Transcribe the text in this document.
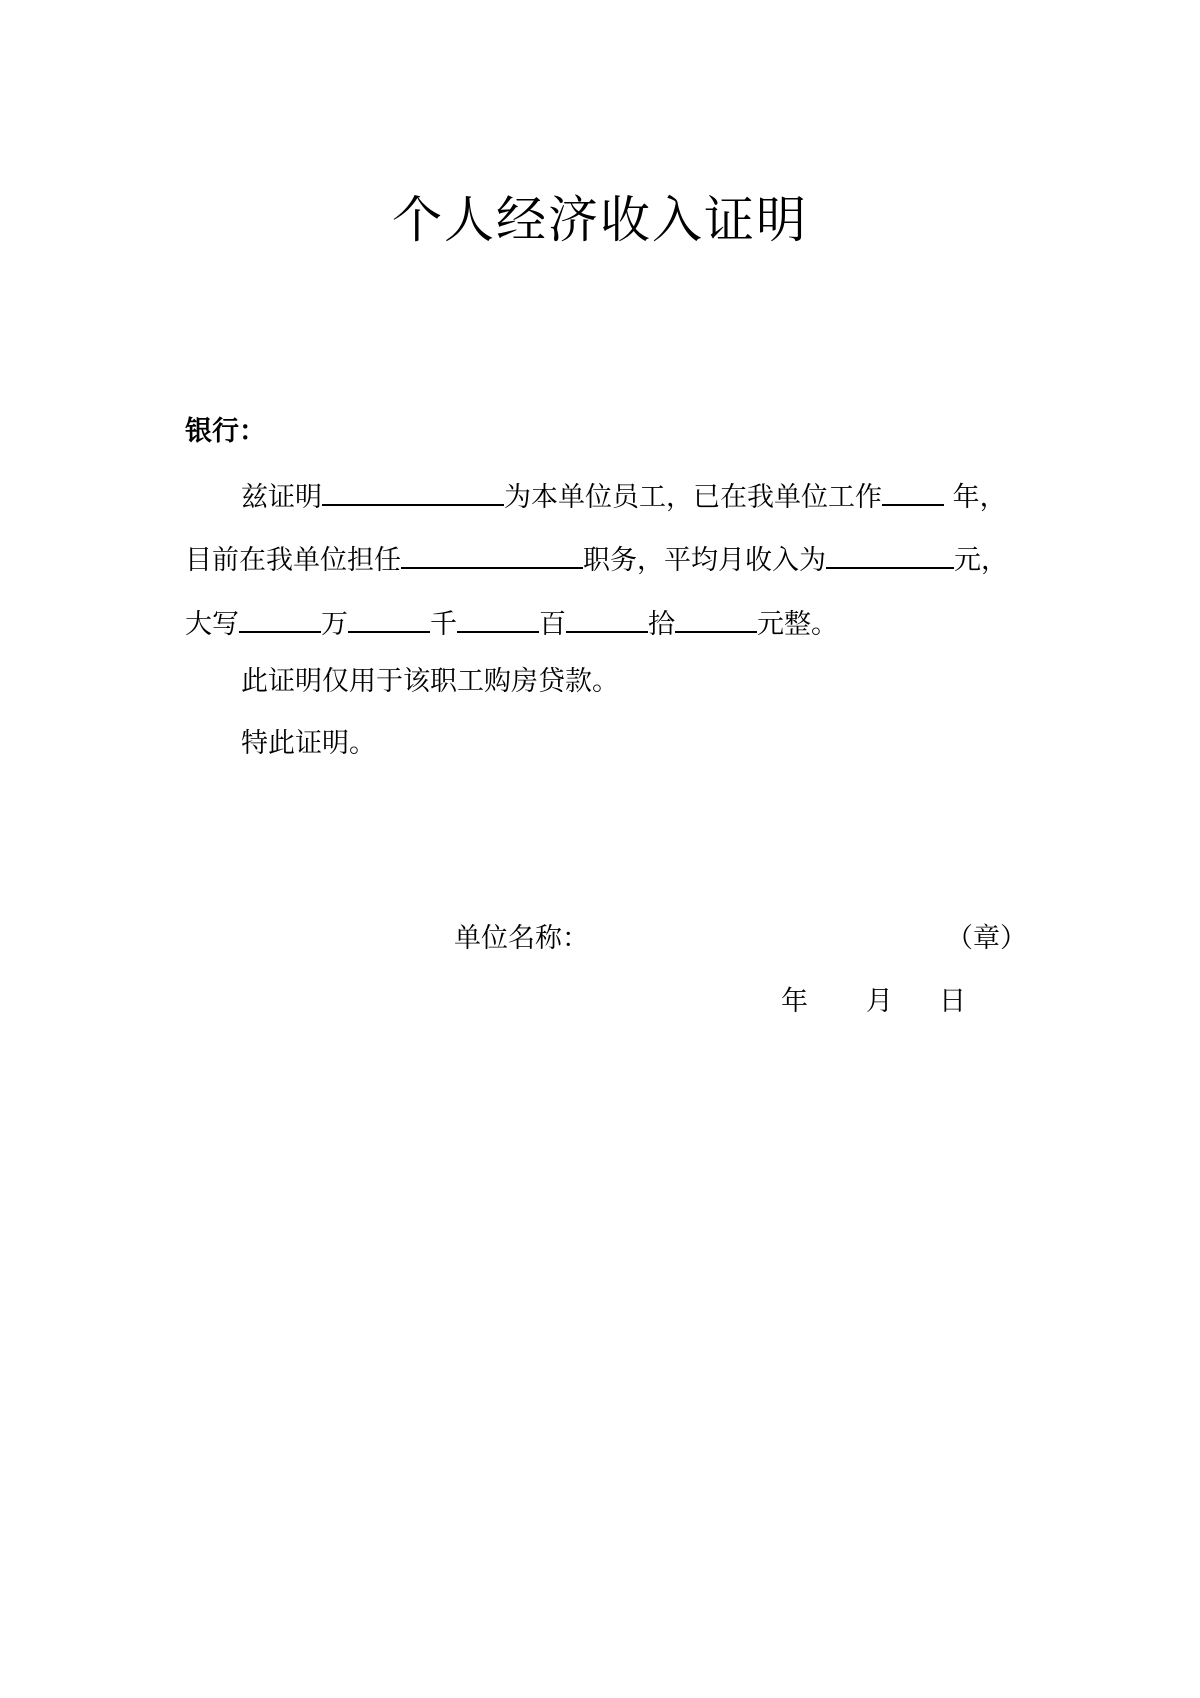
个人经济收入证明
银行：
兹证明	为本单位员工，已在我单位工作 年，
目前在我单位担任	职务，平均月收入为	元，
大写	万	千	百	拾	元整。
此证明仅用于该职工购房贷款。
特此证明。
单位名称：	（章）
年 月 日
